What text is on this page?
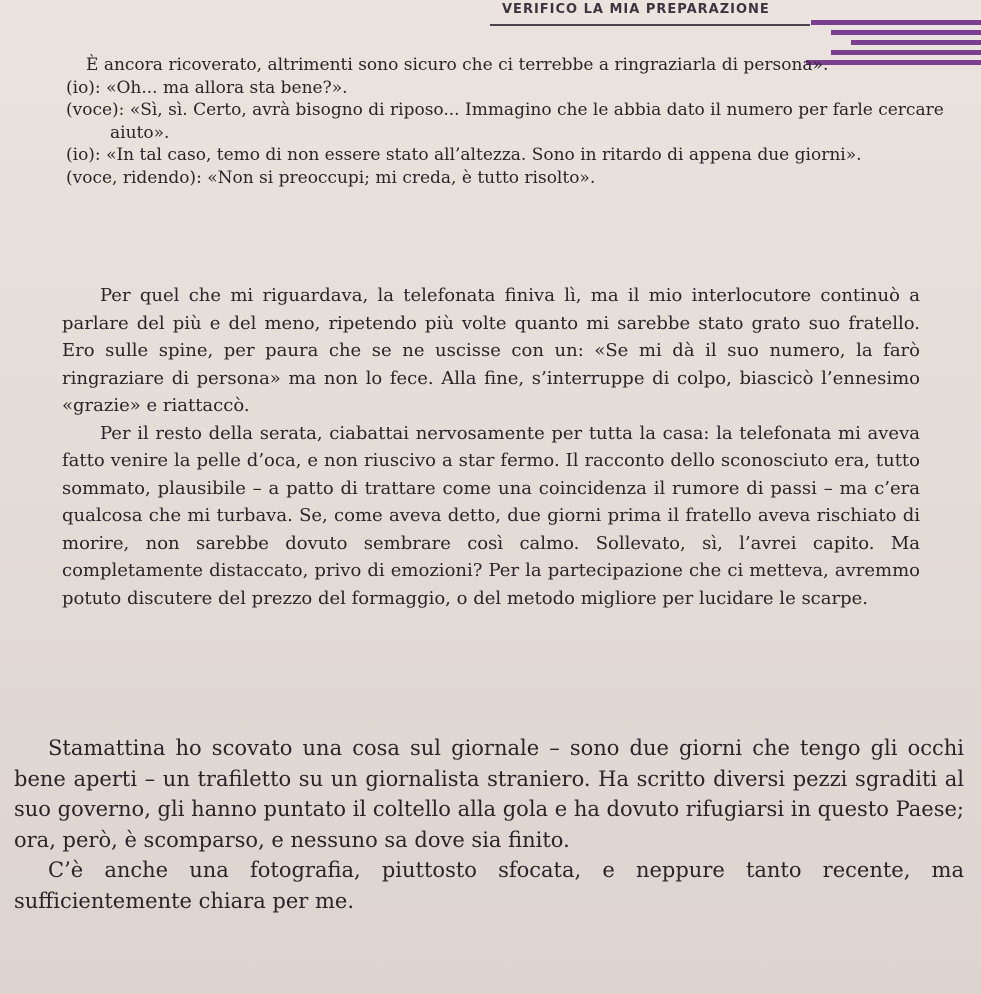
VERIFICO LA MIA PREPARAZIONE

È ancora ricoverato, altrimenti sono sicuro che ci terrebbe a ringraziarla di persona».

(io): «Oh... ma allora sta bene?».

(voce): «Sì, sì. Certo, avrà bisogno di riposo... Immagino che le abbia dato il numero per farle cercare aiuto».

(io): «In tal caso, temo di non essere stato all’altezza. Sono in ritardo di appena due giorni».

(voce, ridendo): «Non si preoccupi; mi creda, è tutto risolto».

Per quel che mi riguardava, la telefonata finiva lì, ma il mio interlocutore continuò a parlare del più e del meno, ripetendo più volte quanto mi sarebbe stato grato suo fratello. Ero sulle spine, per paura che se ne uscisse con un: «Se mi dà il suo numero, la farò ringraziare di persona» ma non lo fece. Alla fine, s’interruppe di colpo, biascicò l’ennesimo «grazie» e riattaccò.

Per il resto della serata, ciabattai nervosamente per tutta la casa: la telefonata mi aveva fatto venire la pelle d’oca, e non riuscivo a star fermo. Il racconto dello sconosciuto era, tutto sommato, plausibile – a patto di trattare come una coincidenza il rumore di passi – ma c’era qualcosa che mi turbava. Se, come aveva detto, due giorni prima il fratello aveva rischiato di morire, non sarebbe dovuto sembrare così calmo. Sollevato, sì, l’avrei capito. Ma completamente distaccato, privo di emozioni? Per la partecipazione che ci metteva, avremmo potuto discutere del prezzo del formaggio, o del metodo migliore per lucidare le scarpe.

Stamattina ho scovato una cosa sul giornale – sono due giorni che tengo gli occhi bene aperti – un trafiletto su un giornalista straniero. Ha scritto diversi pezzi sgraditi al suo governo, gli hanno puntato il coltello alla gola e ha dovuto rifugiarsi in questo Paese; ora, però, è scomparso, e nessuno sa dove sia finito.

C’è anche una fotografia, piuttosto sfocata, e neppure tanto recente, ma sufficientemente chiara per me.
